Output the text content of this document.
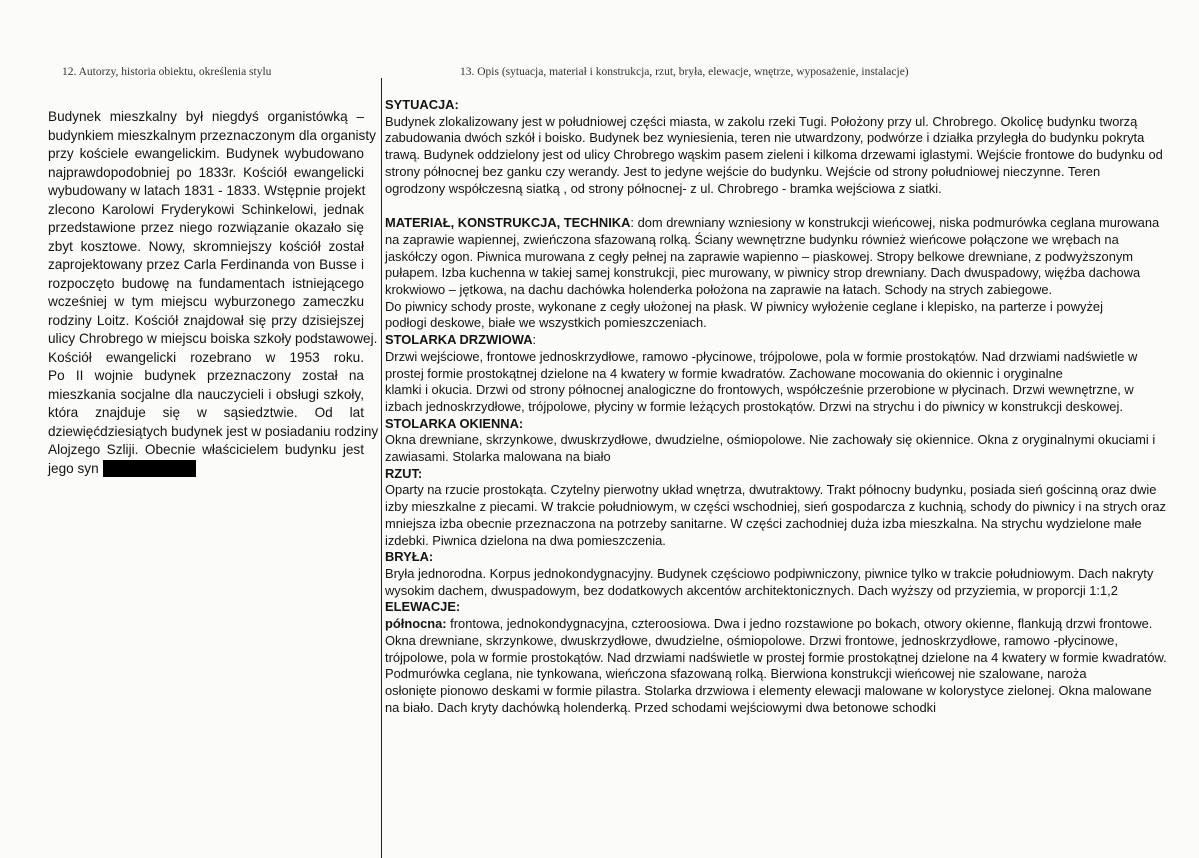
12. Autorzy, historia obiektu, określenia stylu	13. Opis (sytuacja, materiał i konstrukcja, rzut, bryła, elewacje, wnętrze, wyposażenie, instalacje)
Budynek mieszkalny był niegdyś organistówką –
budynkiem mieszkalnym przeznaczonym dla organisty
przy kościele ewangelickim. Budynek wybudowano
najprawdopodobniej po 1833r. Kościół ewangelicki
wybudowany w latach 1831 - 1833. Wstępnie projekt
zlecono Karolowi Fryderykowi Schinkelowi, jednak
przedstawione przez niego rozwiązanie okazało się
zbyt kosztowe. Nowy, skromniejszy kościół został
zaprojektowany przez Carla Ferdinanda von Busse i
rozpoczęto budowę na fundamentach istniejącego
wcześniej w tym miejscu wyburzonego zameczku
rodziny Loitz. Kościół znajdował się przy dzisiejszej
ulicy Chrobrego w miejscu boiska szkoły podstawowej.
Kościół ewangelicki rozebrano w 1953 roku.
Po II wojnie budynek przeznaczony został na
mieszkania socjalne dla nauczycieli i obsługi szkoły,
która znajduje się w sąsiedztwie. Od lat
dziewięćdziesiątych budynek jest w posiadaniu rodziny
Alojzego Szliji. Obecnie właścicielem budynku jest
jego syn
SYTUACJA:
Budynek zlokalizowany jest w południowej części miasta, w zakolu rzeki Tugi. Położony przy ul. Chrobrego. Okolicę budynku tworzą
zabudowania dwóch szkół i boisko. Budynek bez wyniesienia, teren nie utwardzony, podwórze i działka przyległa do budynku pokryta
trawą. Budynek oddzielony jest od ulicy Chrobrego wąskim pasem zieleni i kilkoma drzewami iglastymi. Wejście frontowe do budynku od
strony północnej bez ganku czy werandy. Jest to jedyne wejście do budynku. Wejście od strony południowej nieczynne. Teren
ogrodzony współczesną siatką , od strony północnej- z ul. Chrobrego - bramka wejściowa z siatki.
MATERIAŁ, KONSTRUKCJA, TECHNIKA: dom drewniany wzniesiony w konstrukcji wieńcowej, niska podmurówka ceglana murowana
na zaprawie wapiennej, zwieńczona sfazowaną rolką. Ściany wewnętrzne budynku również wieńcowe połączone we wrębach na
jaskółczy ogon. Piwnica murowana z cegły pełnej na zaprawie wapienno – piaskowej. Stropy belkowe drewniane, z podwyższonym
pułapem. Izba kuchenna w takiej samej konstrukcji, piec murowany, w piwnicy strop drewniany. Dach dwuspadowy, więźba dachowa
krokwiowo – jętkowa, na dachu dachówka holenderka położona na zaprawie na łatach. Schody na strych zabiegowe.
Do piwnicy schody proste, wykonane z cegły ułożonej na płask. W piwnicy wyłożenie ceglane i klepisko, na parterze i powyżej
podłogi deskowe, białe we wszystkich pomieszczeniach.
STOLARKA DRZWIOWA:
Drzwi wejściowe, frontowe jednoskrzydłowe, ramowo -płycinowe, trójpolowe, pola w formie prostokątów. Nad drzwiami nadświetle w
prostej formie prostokątnej dzielone na 4 kwatery w formie kwadratów. Zachowane mocowania do okiennic i oryginalne
klamki i okucia. Drzwi od strony północnej analogiczne do frontowych, współcześnie przerobione w płycinach. Drzwi wewnętrzne, w
izbach jednoskrzydłowe, trójpolowe, płyciny w formie leżących prostokątów. Drzwi na strychu i do piwnicy w konstrukcji deskowej.
STOLARKA OKIENNA:
Okna drewniane, skrzynkowe, dwuskrzydłowe, dwudzielne, ośmiopolowe. Nie zachowały się okiennice. Okna z oryginalnymi okuciami i
zawiasami. Stolarka malowana na biało
RZUT:
Oparty na rzucie prostokąta. Czytelny pierwotny układ wnętrza, dwutraktowy. Trakt północny budynku, posiada sień gościnną oraz dwie
izby mieszkalne z piecami. W trakcie południowym, w części wschodniej, sień gospodarcza z kuchnią, schody do piwnicy i na strych oraz
mniejsza izba obecnie przeznaczona na potrzeby sanitarne. W części zachodniej duża izba mieszkalna. Na strychu wydzielone małe
izdebki. Piwnica dzielona na dwa pomieszczenia.
BRYŁA:
Bryła jednorodna. Korpus jednokondygnacyjny. Budynek częściowo podpiwniczony, piwnice tylko w trakcie południowym. Dach nakryty
wysokim dachem, dwuspadowym, bez dodatkowych akcentów architektonicznych. Dach wyższy od przyziemia, w proporcji 1:1,2
ELEWACJE:
północna: frontowa, jednokondygnacyjna, czteroosiowa. Dwa i jedno rozstawione po bokach, otwory okienne, flankują drzwi frontowe.
Okna drewniane, skrzynkowe, dwuskrzydłowe, dwudzielne, ośmiopolowe. Drzwi frontowe, jednoskrzydłowe, ramowo -płycinowe,
trójpolowe, pola w formie prostokątów. Nad drzwiami nadświetle w prostej formie prostokątnej dzielone na 4 kwatery w formie kwadratów.
Podmurówka ceglana, nie tynkowana, wieńczona sfazowaną rolką. Bierwiona konstrukcji wieńcowej nie szalowane, naroża
osłonięte pionowo deskami w formie pilastra. Stolarka drzwiowa i elementy elewacji malowane w kolorystyce zielonej. Okna malowane
na biało. Dach kryty dachówką holenderką. Przed schodami wejściowymi dwa betonowe schodki
